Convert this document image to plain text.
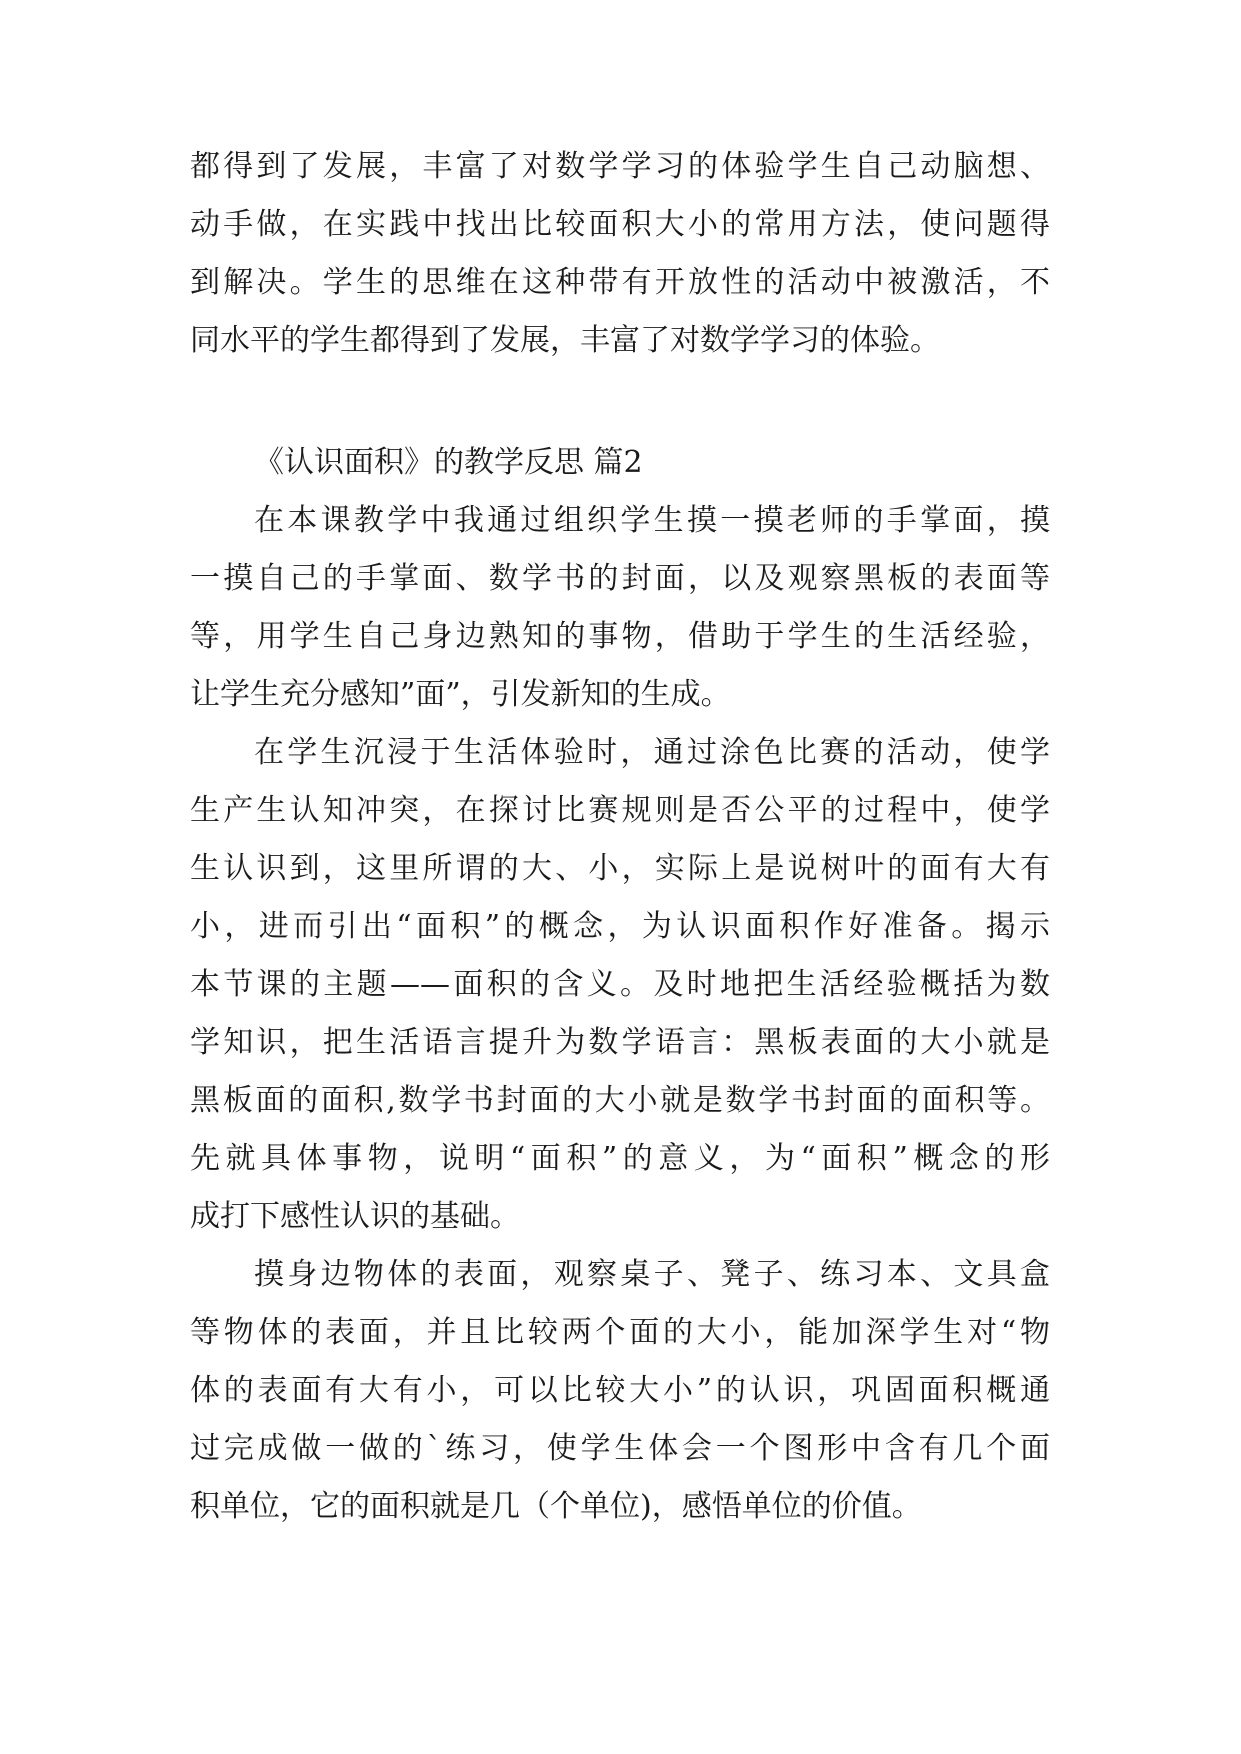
都得到了发展，丰富了对数学学习的体验学生自己动脑想、
动手做，在实践中找出比较面积大小的常用方法，使问题得
到解决。学生的思维在这种带有开放性的活动中被激活，不
同水平的学生都得到了发展，丰富了对数学学习的体验。
《认识面积》的教学反思 篇2
在本课教学中我通过组织学生摸一摸老师的手掌面，摸
一摸自己的手掌面、数学书的封面，以及观察黑板的表面等
等，用学生自己身边熟知的事物，借助于学生的生活经验，
让学生充分感知”面”，引发新知的生成。
在学生沉浸于生活体验时，通过涂色比赛的活动，使学
生产生认知冲突，在探讨比赛规则是否公平的过程中，使学
生认识到，这里所谓的大、小，实际上是说树叶的面有大有
小，进而引出“面积”的概念，为认识面积作好准备。揭示
本节课的主题——面积的含义。及时地把生活经验概括为数
学知识，把生活语言提升为数学语言：黑板表面的大小就是
黑板面的面积,数学书封面的大小就是数学书封面的面积等。
先就具体事物，说明“面积”的意义，为“面积”概念的形
成打下感性认识的基础。
摸身边物体的表面，观察桌子、凳子、练习本、文具盒
等物体的表面，并且比较两个面的大小，能加深学生对“物
体的表面有大有小，可以比较大小”的认识，巩固面积概通
过完成做一做的`练习，使学生体会一个图形中含有几个面
积单位，它的面积就是几（个单位)，感悟单位的价值。
